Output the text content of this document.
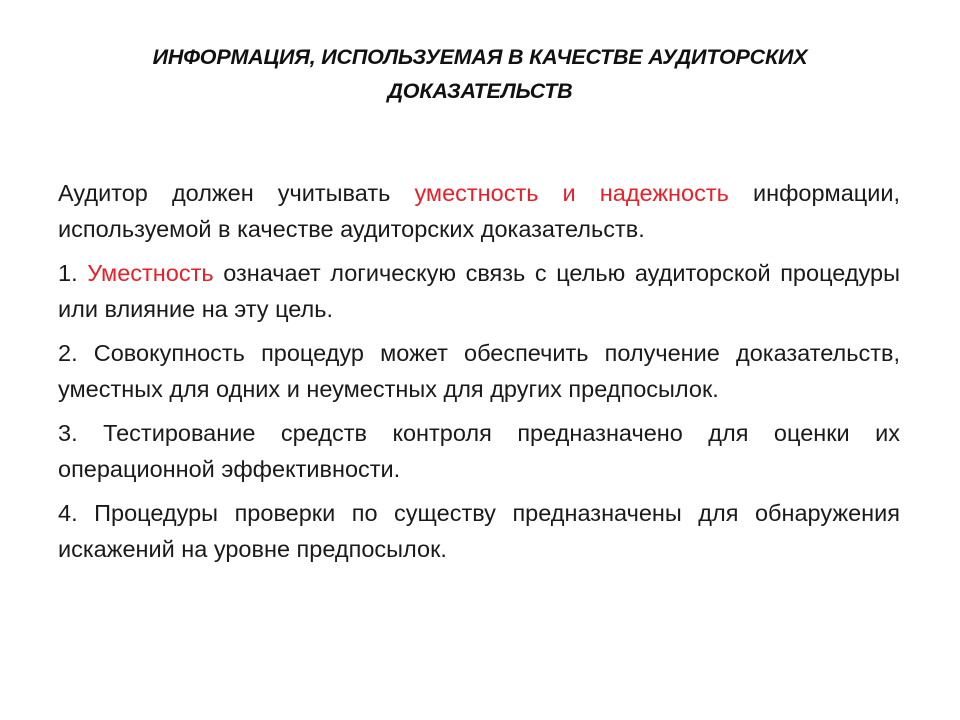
ИНФОРМАЦИЯ, ИСПОЛЬЗУЕМАЯ В КАЧЕСТВЕ АУДИТОРСКИХ
ДОКАЗАТЕЛЬСТВ

Аудитор должен учитывать уместность и надежность информации, используемой в качестве аудиторских доказательств.

1. Уместность означает логическую связь с целью аудиторской процедуры или влияние на эту цель.

2. Совокупность процедур может обеспечить получение доказательств, уместных для одних и неуместных для других предпосылок.

3. Тестирование средств контроля предназначено для оценки их операционной эффективности.

4. Процедуры проверки по существу предназначены для обнаружения искажений на уровне предпосылок.
